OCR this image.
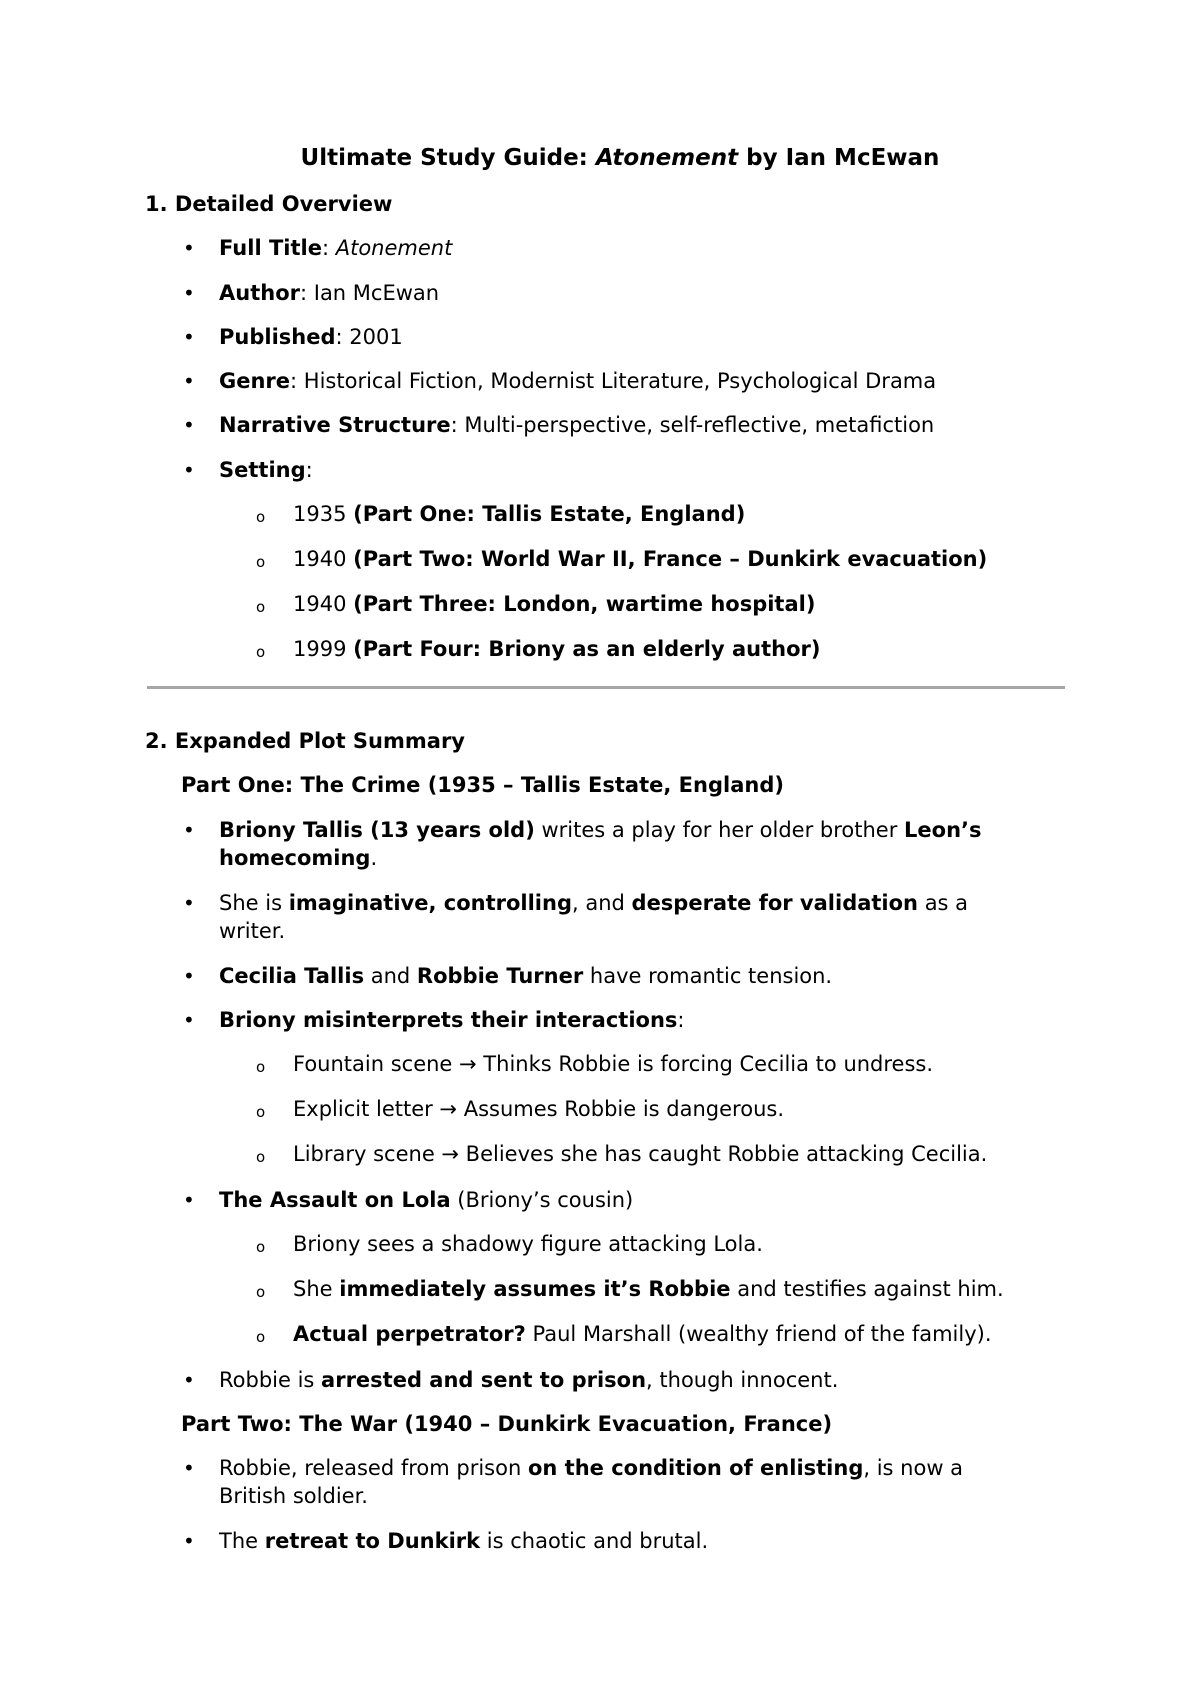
Ultimate Study Guide: Atonement by Ian McEwan
1. Detailed Overview
• Full Title: Atonement
• Author: Ian McEwan
• Published: 2001
• Genre: Historical Fiction, Modernist Literature, Psychological Drama
• Narrative Structure: Multi-perspective, self-reflective, metafiction
• Setting:
o 1935 (Part One: Tallis Estate, England)
o 1940 (Part Two: World War II, France – Dunkirk evacuation)
o 1940 (Part Three: London, wartime hospital)
o 1999 (Part Four: Briony as an elderly author)
2. Expanded Plot Summary
Part One: The Crime (1935 – Tallis Estate, England)
• Briony Tallis (13 years old) writes a play for her older brother Leon’s
homecoming.
• She is imaginative, controlling, and desperate for validation as a
writer.
• Cecilia Tallis and Robbie Turner have romantic tension.
• Briony misinterprets their interactions:
o Fountain scene → Thinks Robbie is forcing Cecilia to undress.
o Explicit letter → Assumes Robbie is dangerous.
o Library scene → Believes she has caught Robbie attacking Cecilia.
• The Assault on Lola (Briony’s cousin)
o Briony sees a shadowy figure attacking Lola.
o She immediately assumes it’s Robbie and testifies against him.
o Actual perpetrator? Paul Marshall (wealthy friend of the family).
• Robbie is arrested and sent to prison, though innocent.
Part Two: The War (1940 – Dunkirk Evacuation, France)
• Robbie, released from prison on the condition of enlisting, is now a
British soldier.
• The retreat to Dunkirk is chaotic and brutal.
